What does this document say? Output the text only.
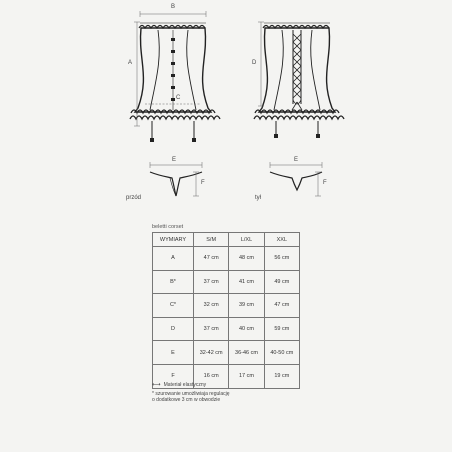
B
A
C
D
E
F
przód
E
F
tył
beletti corset
WYMIARY	S/M	L/XL	XXL
A	47 cm	48 cm	56 cm
B*	37 cm	41 cm	49 cm
C*	32 cm	39 cm	47 cm
D	37 cm	40 cm	59 cm
E	32-42 cm	36-46 cm	40-50 cm
F	16 cm	17 cm	19 cm
⟷ Materiał elastyczny
* szurowanie umożliwiaja regulację
o dodatkowe 3 cm w obwodzie
